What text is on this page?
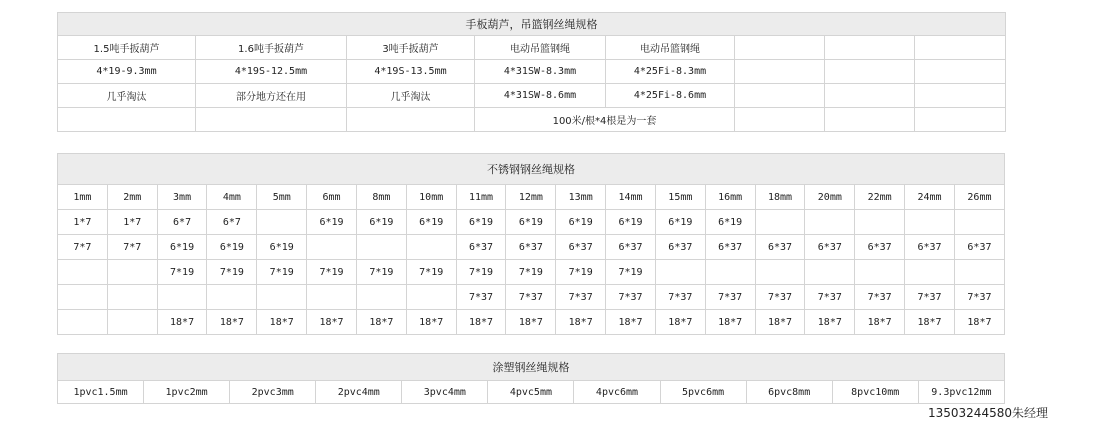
手板葫芦，吊篮钢丝绳规格							
1.5吨手扳葫芦	1.6吨手扳葫芦	3吨手扳葫芦	电动吊篮钢绳	电动吊篮钢绳			
4*19-9.3mm	4*19S-12.5mm	4*19S-13.5mm	4*31SW-8.3mm	4*25Fi-8.3mm			
几乎淘汰	部分地方还在用	几乎淘汰	4*31SW-8.6mm	4*25Fi-8.6mm			
			100米/根*4根是为一套				
不锈钢钢丝绳规格																		
1mm	2mm	3mm	4mm	5mm	6mm	8mm	10mm	11mm	12mm	13mm	14mm	15mm	16mm	18mm	20mm	22mm	24mm	26mm
1*7	1*7	6*7	6*7		6*19	6*19	6*19	6*19	6*19	6*19	6*19	6*19	6*19					
7*7	7*7	6*19	6*19	6*19				6*37	6*37	6*37	6*37	6*37	6*37	6*37	6*37	6*37	6*37	6*37
		7*19	7*19	7*19	7*19	7*19	7*19	7*19	7*19	7*19	7*19							
								7*37	7*37	7*37	7*37	7*37	7*37	7*37	7*37	7*37	7*37	7*37
		18*7	18*7	18*7	18*7	18*7	18*7	18*7	18*7	18*7	18*7	18*7	18*7	18*7	18*7	18*7	18*7	18*7
涂塑钢丝绳规格
1pvc1.5mm	1pvc2mm	2pvc3mm	2pvc4mm	3pvc4mm	4pvc5mm	4pvc6mm	5pvc6mm	6pvc8mm	8pvc10mm	9.3pvc12mm
13503244580朱经理
